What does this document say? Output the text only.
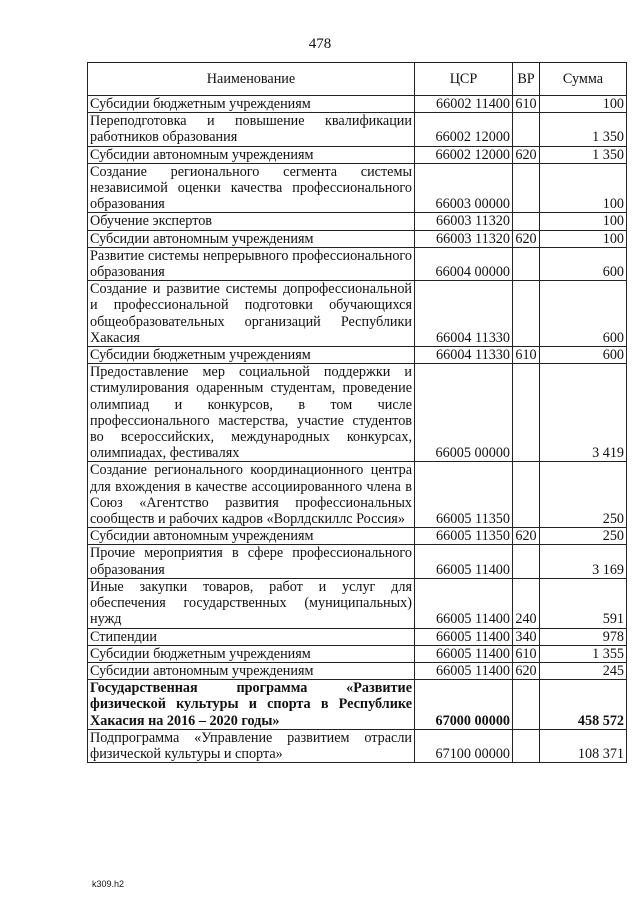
478
Наименование	ЦСР	ВР	Сумма
Субсидии бюджетным учреждениям	66002 11400	610	100
Переподготовка и повышение квалификации работников образования	66002 12000		1 350
Субсидии автономным учреждениям	66002 12000	620	1 350
Создание регионального сегмента системы независимой оценки качества профессионального образования	66003 00000		100
Обучение экспертов	66003 11320		100
Субсидии автономным учреждениям	66003 11320	620	100
Развитие системы непрерывного профессионального образования	66004 00000		600
Создание и развитие системы допрофессиональной и профессиональной подготовки обучающихся общеобразовательных организаций Республики Хакасия	66004 11330		600
Субсидии бюджетным учреждениям	66004 11330	610	600
Предоставление мер социальной поддержки и стимулирования одаренным студентам, проведение олимпиад и конкурсов, в том числе профессионального мастерства, участие студентов во всероссийских, международных конкурсах, олимпиадах, фестивалях	66005 00000		3 419
Создание регионального координационного центра для вхождения в качестве ассоциированного члена в Союз «Агентство развития профессиональных сообществ и рабочих кадров «Ворлдскиллс Россия»	66005 11350		250
Субсидии автономным учреждениям	66005 11350	620	250
Прочие мероприятия в сфере профессионального образования	66005 11400		3 169
Иные закупки товаров, работ и услуг для обеспечения государственных (муниципальных) нужд	66005 11400	240	591
Стипендии	66005 11400	340	978
Субсидии бюджетным учреждениям	66005 11400	610	1 355
Субсидии автономным учреждениям	66005 11400	620	245
Государственная программа «Развитие физической культуры и спорта в Республике Хакасия на 2016 – 2020 годы»	67000 00000		458 572
Подпрограмма «Управление развитием отрасли физической культуры и спорта»	67100 00000		108 371
k309.h2
